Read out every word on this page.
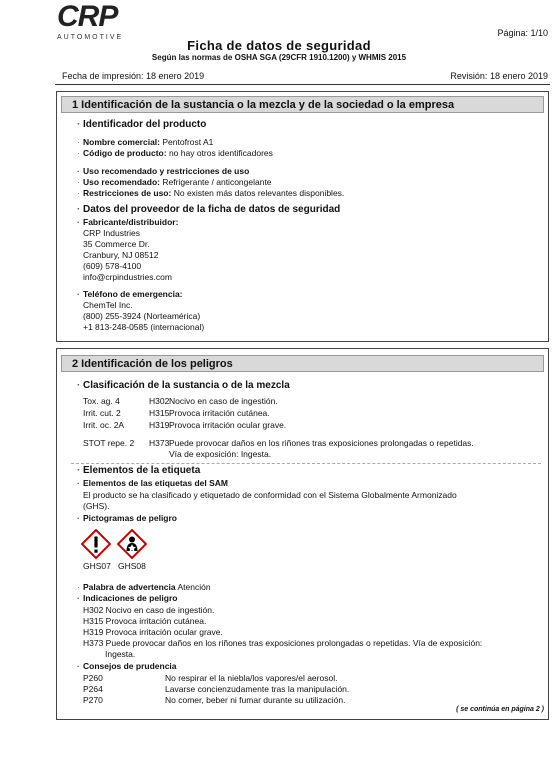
CRP
AUTOMOTIVE	Página: 1/10
Ficha de datos de seguridad
Según las normas de OSHA SGA (29CFR 1910.1200) y WHMIS 2015
Fecha de impresión: 18 enero 2019	Revisión: 18 enero 2019
1 Identificación de la sustancia o la mezcla y de la sociedad o la empresa
· Identificador del producto
· Nombre comercial: Pentofrost A1
· Código de producto: no hay otros identificadores
· Uso recomendado y restricciones de uso
· Uso recomendado: Refrigerante / anticongelante
· Restricciones de uso: No existen más datos relevantes disponibles.
· Datos del proveedor de la ficha de datos de seguridad
· Fabricante/distribuidor:
CRP Industries
35 Commerce Dr.
Cranbury, NJ 08512
(609) 578-4100
info@crpindustries.com
· Teléfono de emergencia:
ChemTel Inc.
(800) 255-3924 (Norteamérica)
+1 813-248-0585 (internacional)
2 Identificación de los peligros
· Clasificación de la sustancia o de la mezcla
Tox. ag. 4	H302 Nocivo en caso de ingestión.
Irrit. cut. 2	H315 Provoca irritación cutánea.
Irrit. oc. 2A	H319 Provoca irritación ocular grave.
STOT repe. 2 H373 Puede provocar daños en los riñones tras exposiciones prolongadas o repetidas.
Vía de exposición: Ingesta.
· Elementos de la etiqueta
· Elementos de las etiquetas del SAM
El producto se ha clasificado y etiquetado de conformidad con el Sistema Globalmente Armonizado
(GHS).
· Pictogramas de peligro
GHS07 GHS08
· Palabra de advertencia Atención
· Indicaciones de peligro
H302 Nocivo en caso de ingestión.
H315 Provoca irritación cutánea.
H319 Provoca irritación ocular grave.
H373 Puede provocar daños en los riñones tras exposiciones prolongadas o repetidas. Vía de exposición:
Ingesta.
· Consejos de prudencia
P260	No respirar el la niebla/los vapores/el aerosol.
P264	Lavarse concienzudamente tras la manipulación.
P270	No comer, beber ni fumar durante su utilización.
( se continúa en página 2 )
